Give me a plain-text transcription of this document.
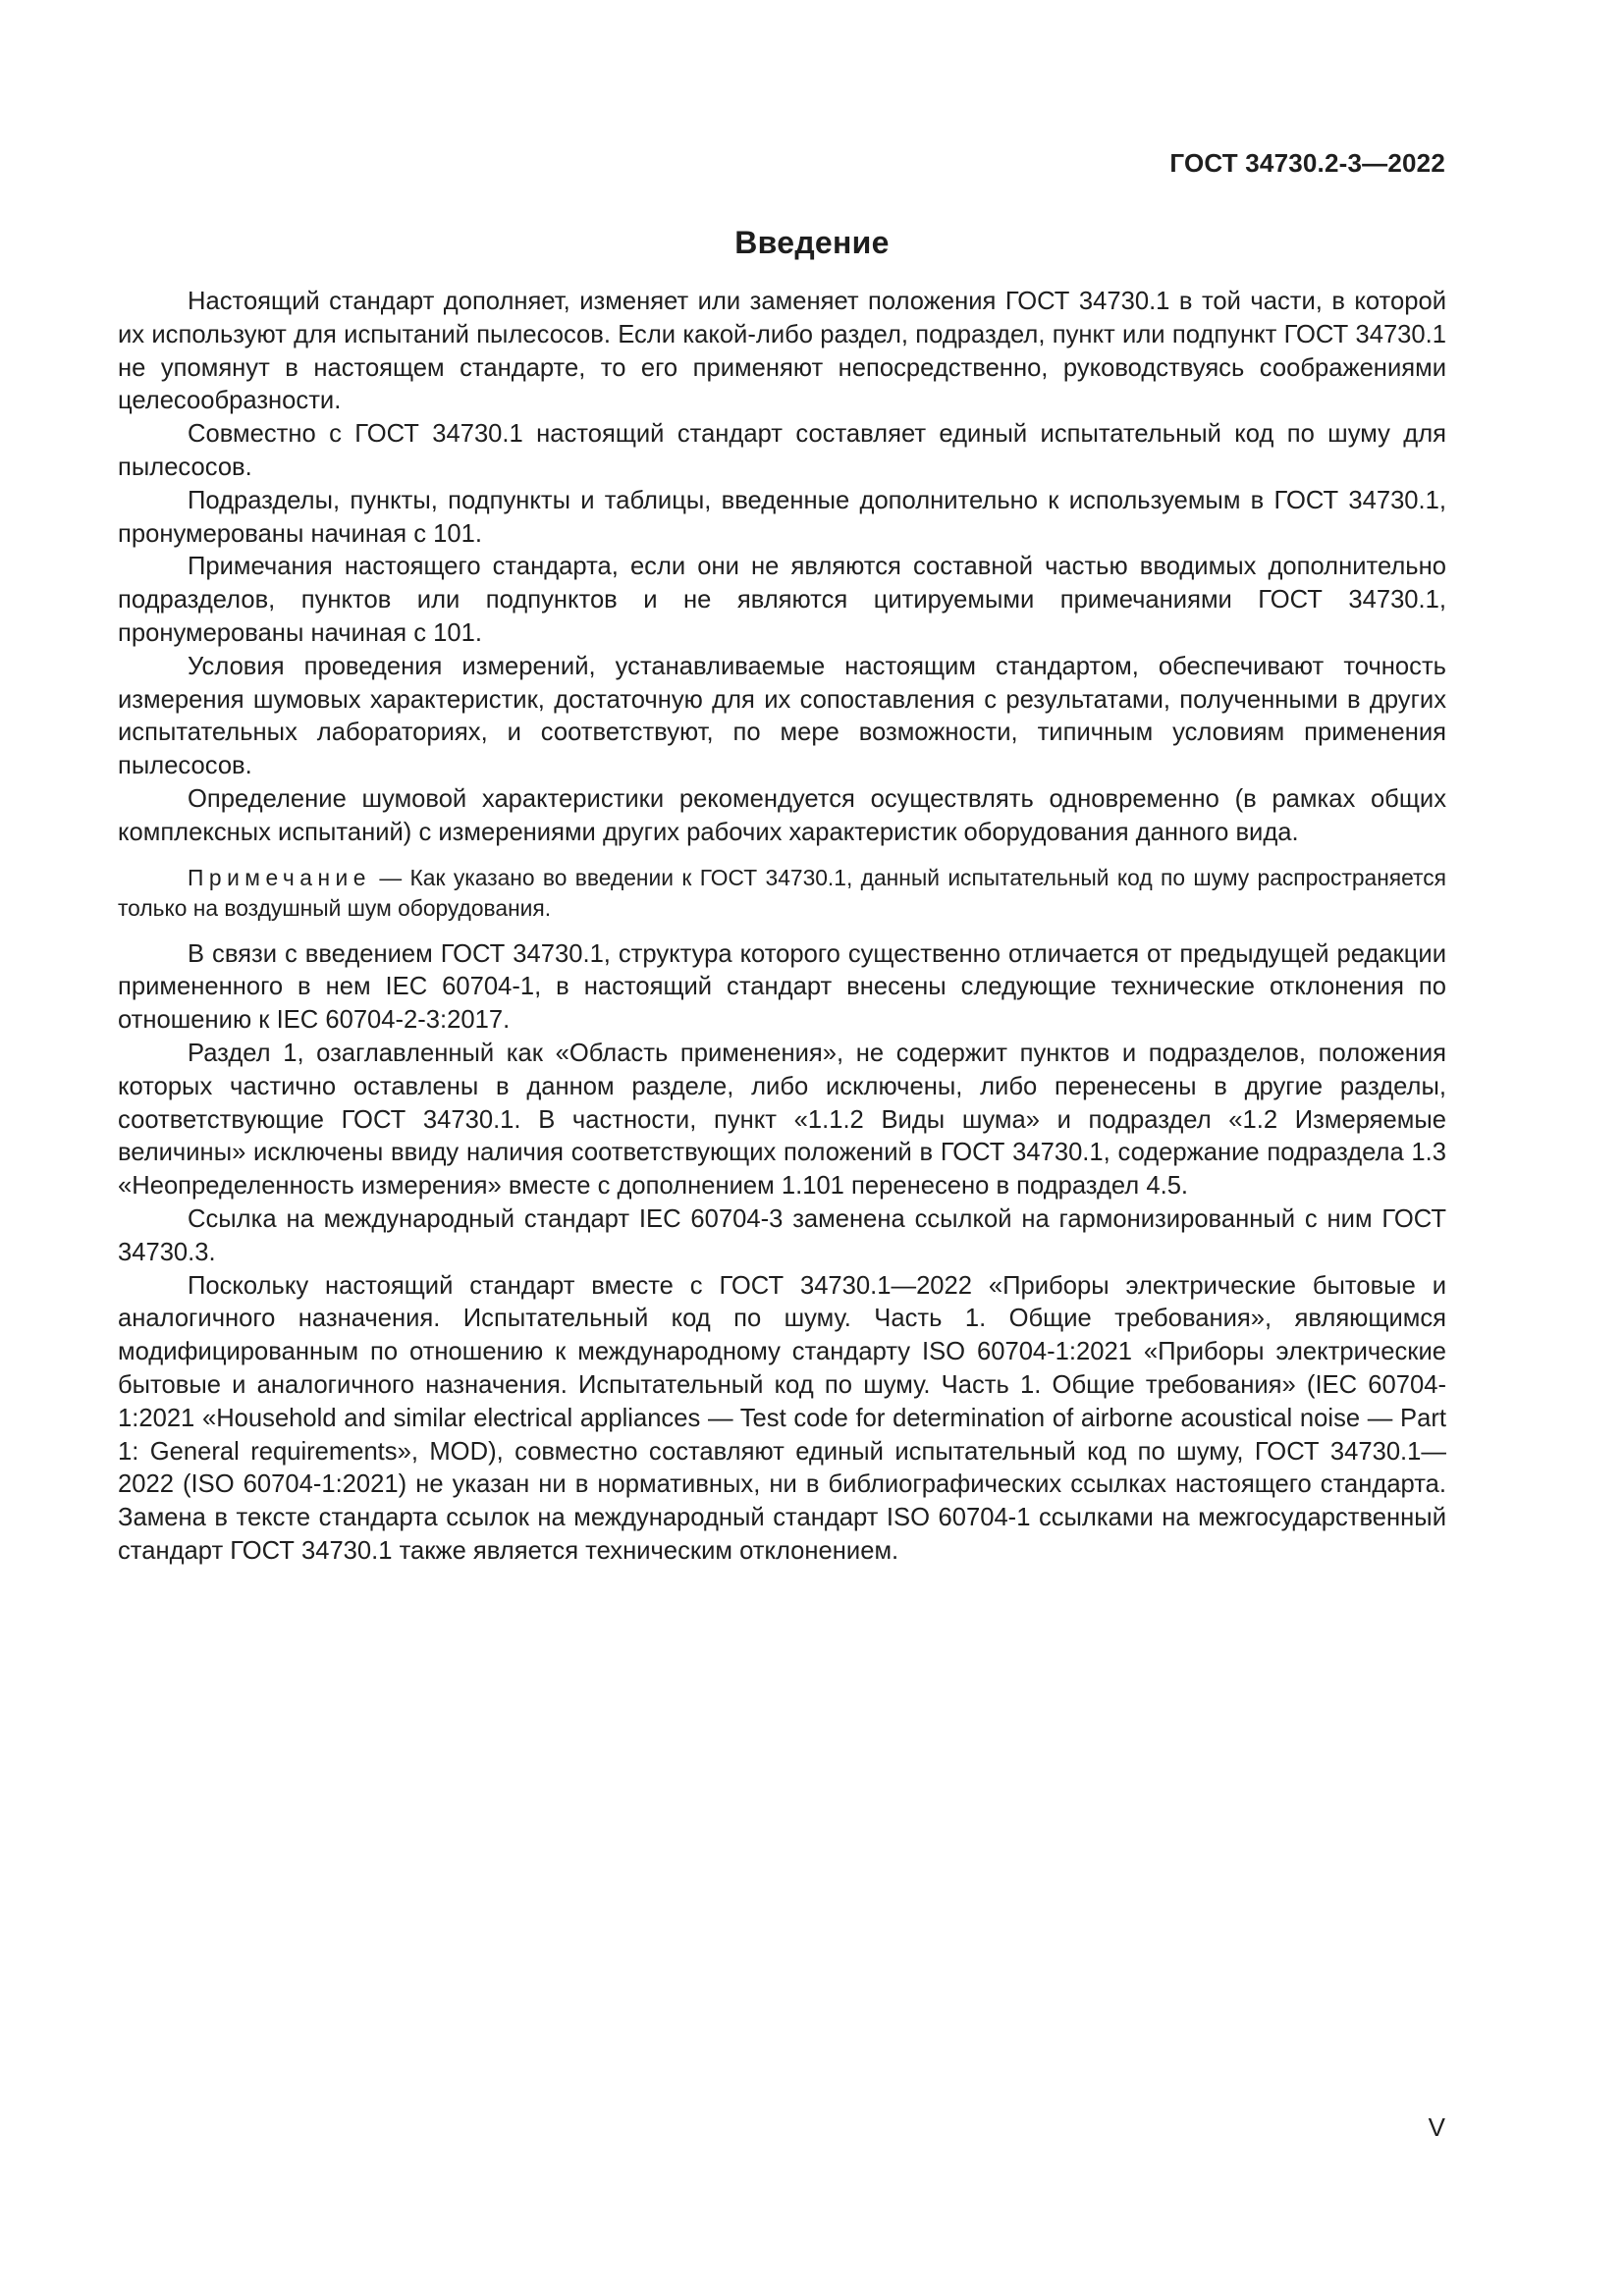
ГОСТ 34730.2-3—2022
Введение

Настоящий стандарт дополняет, изменяет или заменяет положения ГОСТ 34730.1 в той части, в которой их используют для испытаний пылесосов. Если какой-либо раздел, подраздел, пункт или подпункт ГОСТ 34730.1 не упомянут в настоящем стандарте, то его применяют непосредственно, руководствуясь соображениями целесообразности.

Совместно с ГОСТ 34730.1 настоящий стандарт составляет единый испытательный код по шуму для пылесосов.

Подразделы, пункты, подпункты и таблицы, введенные дополнительно к используемым в ГОСТ 34730.1, пронумерованы начиная с 101.

Примечания настоящего стандарта, если они не являются составной частью вводимых дополнительно подразделов, пунктов или подпунктов и не являются цитируемыми примечаниями ГОСТ 34730.1, пронумерованы начиная с 101.

Условия проведения измерений, устанавливаемые настоящим стандартом, обеспечивают точность измерения шумовых характеристик, достаточную для их сопоставления с результатами, полученными в других испытательных лабораториях, и соответствуют, по мере возможности, типичным условиям применения пылесосов.

Определение шумовой характеристики рекомендуется осуществлять одновременно (в рамках общих комплексных испытаний) с измерениями других рабочих характеристик оборудования данного вида.

Примечание — Как указано во введении к ГОСТ 34730.1, данный испытательный код по шуму распространяется только на воздушный шум оборудования.

В связи с введением ГОСТ 34730.1, структура которого существенно отличается от предыдущей редакции примененного в нем IEC 60704-1, в настоящий стандарт внесены следующие технические отклонения по отношению к IEC 60704-2-3:2017.

Раздел 1, озаглавленный как «Область применения», не содержит пунктов и подразделов, положения которых частично оставлены в данном разделе, либо исключены, либо перенесены в другие разделы, соответствующие ГОСТ 34730.1. В частности, пункт «1.1.2 Виды шума» и подраздел «1.2 Измеряемые величины» исключены ввиду наличия соответствующих положений в ГОСТ 34730.1, содержание подраздела 1.3 «Неопределенность измерения» вместе с дополнением 1.101 перенесено в подраздел 4.5.

Ссылка на международный стандарт IEC 60704-3 заменена ссылкой на гармонизированный с ним ГОСТ 34730.3.

Поскольку настоящий стандарт вместе с ГОСТ 34730.1—2022 «Приборы электрические бытовые и аналогичного назначения. Испытательный код по шуму. Часть 1. Общие требования», являющимся модифицированным по отношению к международному стандарту ISO 60704-1:2021 «Приборы электрические бытовые и аналогичного назначения. Испытательный код по шуму. Часть 1. Общие требования» (IEC 60704-1:2021 «Household and similar electrical appliances — Test code for determination of airborne acoustical noise — Part 1: General requirements», MOD), совместно составляют единый испытательный код по шуму, ГОСТ 34730.1—2022 (ISO 60704-1:2021) не указан ни в нормативных, ни в библиографических ссылках настоящего стандарта. Замена в тексте стандарта ссылок на международный стандарт ISO 60704-1 ссылками на межгосударственный стандарт ГОСТ 34730.1 также является техническим отклонением.

V
